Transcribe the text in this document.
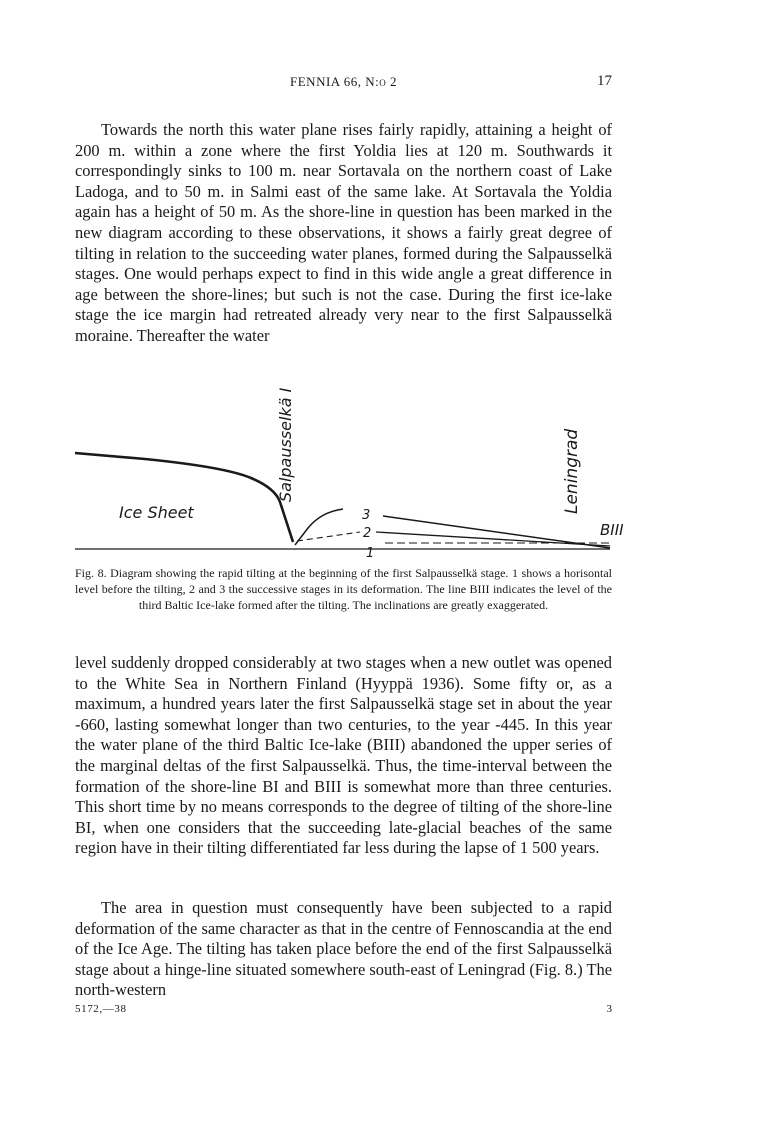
FENNIA 66, N:o 2	17

Towards the north this water plane rises fairly rapidly, attaining a height of 200 m. within a zone where the first Yoldia lies at 120 m. Southwards it correspondingly sinks to 100 m. near Sortavala on the northern coast of Lake Ladoga, and to 50 m. in Salmi east of the same lake. At Sortavala the Yoldia again has a height of 50 m. As the shore-line in question has been marked in the new diagram according to these observations, it shows a fairly great degree of tilting in relation to the succeeding water planes, formed during the Salpausselkä stages. One would perhaps expect to find in this wide angle a great difference in age between the shore-lines; but such is not the case. During the first ice-lake stage the ice margin had retreated already very near to the first Salpausselkä moraine. Thereafter the water

Ice Sheet
Salpausselkä I	Leningrad
BIII
3
2
1

Fig. 8. Diagram showing the rapid tilting at the beginning of the first Salpausselkä stage. 1 shows a horisontal level before the tilting, 2 and 3 the successive stages in its deformation. The line BIII indicates the level of the third Baltic Ice-lake formed after the tilting. The inclinations are greatly exaggerated.

level suddenly dropped considerably at two stages when a new outlet was opened to the White Sea in Northern Finland (Hyyppä 1936). Some fifty or, as a maximum, a hundred years later the first Salpausselkä stage set in about the year -660, lasting somewhat longer than two centuries, to the year -445. In this year the water plane of the third Baltic Ice-lake (BIII) abandoned the upper series of the marginal deltas of the first Salpausselkä. Thus, the time-interval between the formation of the shore-line BI and BIII is somewhat more than three centuries. This short time by no means corresponds to the degree of tilting of the shore-line BI, when one considers that the succeeding late-glacial beaches of the same region have in their tilting differentiated far less during the lapse of 1 500 years.

The area in question must consequently have been subjected to a rapid deformation of the same character as that in the centre of Fennoscandia at the end of the Ice Age. The tilting has taken place before the end of the first Salpausselkä stage about a hinge-line situated somewhere south-east of Leningrad (Fig. 8.) The north-western

5172,—38	3
